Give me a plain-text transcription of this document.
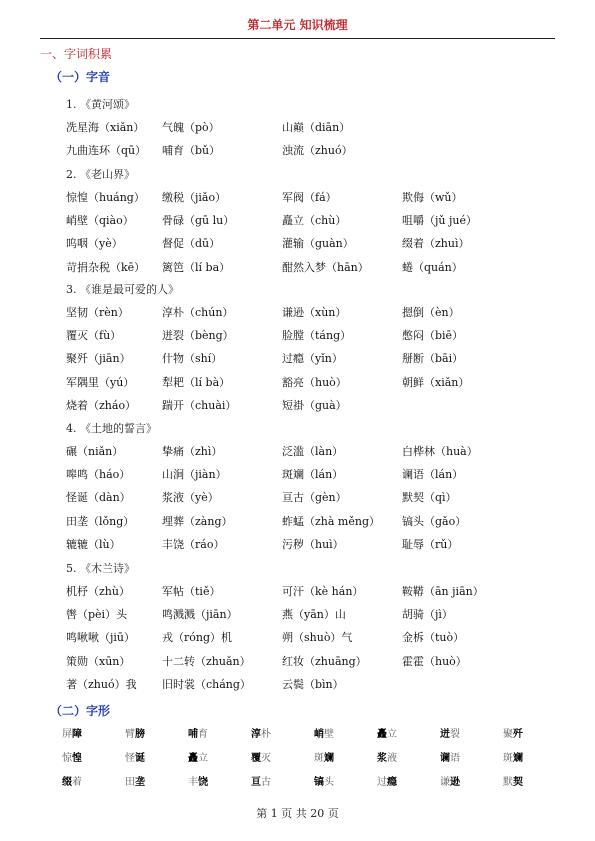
第二单元 知识梳理
一、字词积累
（一）字音
1. 《黄河颂》
冼星海（xiǎn） 气魄（pò）	山巅（diān）
九曲连环（qū） 哺育（bǔ）	浊流（zhuó）
2. 《老山界》
惊惶（huáng） 缴税（jiǎo）	军阀（fá）	欺侮（wǔ）
峭壁（qiào）	骨碌（gū lu）	矗立（chù）	咀嚼（jǔ jué）
呜咽（yè）	督促（dū）	灌输（guàn）	缀着（zhuì）
苛捐杂税（kē） 篱笆（lí ba）	酣然入梦（hān）	蜷（quán）
3. 《谁是最可爱的人》
坚韧（rèn）	淳朴（chún）	谦逊（xùn）	摁倒（èn）
覆灭（fù）	迸裂（bèng）	脸膛（táng）	憋闷（biē）
聚歼（jiān）	什物（shí）	过瘾（yǐn）	掰断（bāi）
军隅里（yú）	犁耙（lí bà）	豁亮（huò）	朝鲜（xiǎn）
烧着（zháo） 踹开（chuài）	短褂（guà）
4. 《土地的誓言》
碾（niǎn）	挚痛（zhì）	泛滥（làn）	白桦林（huà）
嗥鸣（háo）	山涧（jiàn）	斑斓（lán）	谰语（lán）
怪诞（dàn）	浆液（yè）	亘古（gèn）	默契（qì）
田垄（lǒng）	埋葬（zàng）	蚱蜢（zhà měng） 镐头（gǎo）
辘辘（lù）	丰饶（ráo）	污秽（huì）	耻辱（rǔ）
5. 《木兰诗》
机杼（zhù）	军帖（tiě）	可汗（kè hán）	鞍鞯（ān jiān）
辔（pèi）头	鸣溅溅（jiān）	燕（yān）山	胡骑（jì）
鸣啾啾（jiū） 戎（róng）机	朔（shuò）气	金柝（tuò）
策勋（xūn）	十二转（zhuǎn）	红妆（zhuāng）	霍霍（huò）
著（zhuó）我 旧时裳（cháng）	云鬓（bìn）
（二）字形
屏障	臂膀	哺育	淳朴	峭壁	矗立	迸裂	聚歼
惊惶	怪诞	矗立	覆灭	斑斓	浆液	谰语	斑斓
缀着	田垄	丰饶	亘古	镐头	过瘾	谦逊	默契
第 1 页 共 20 页
